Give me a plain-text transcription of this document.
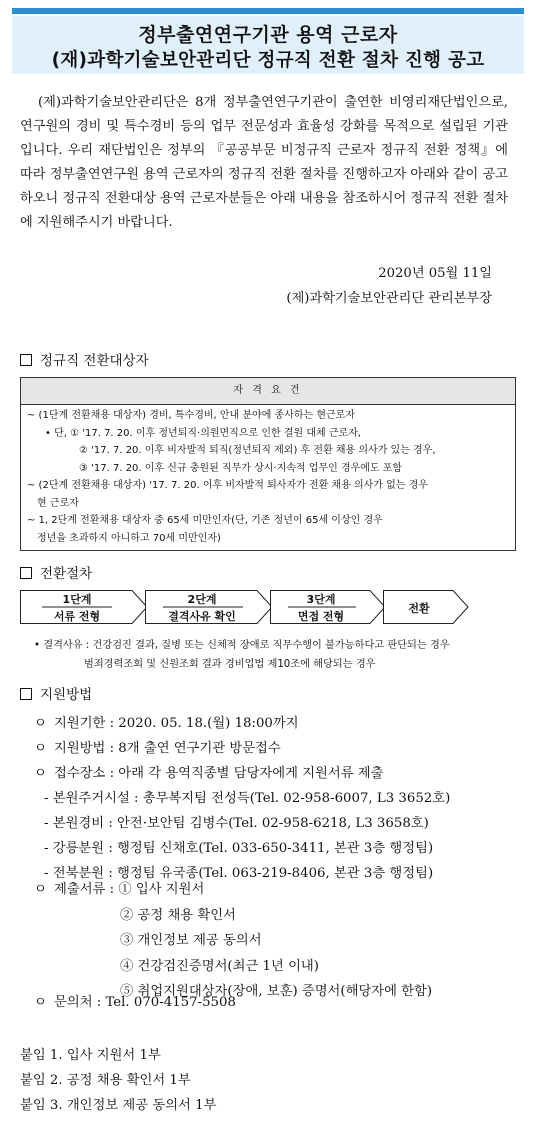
정부출연연구기관 용역 근로자
(재)과학기술보안관리단 정규직 전환 절차 진행 공고
(제)과학기술보안관리단은 8개 정부출연연구기관이 출연한 비영리재단법인으로, 연구원의 경비 및 특수경비 등의 업무 전문성과 효율성 강화를 목적으로 설립된 기관입니다. 우리 재단법인은 정부의 『공공부문 비정규직 근로자 정규직 전환 정책』에 따라 정부출연연구원 용역 근로자의 정규직 전환 절차를 진행하고자 아래와 같이 공고하오니 정규직 전환대상 용역 근로자분들은 아래 내용을 참조하시어 정규직 전환 절차에 지원해주시기 바랍니다.
2020년 05월 11일
(제)과학기술보안관리단 관리본부장
정규직 전환대상자
자 격 요 건
~ (1단계 전환채용 대상자) 경비, 특수경비, 안내 분야에 종사하는 현근로자
• 단, ① '17. 7. 20. 이후 정년퇴직·의원면직으로 인한 결원 대체 근로자,
② '17. 7. 20. 이후 비자발적 퇴직(정년퇴직 제외) 후 전환 채용 의사가 있는 경우,
③ '17. 7. 20. 이후 신규 충원된 직무가 상시·지속적 업무인 경우에도 포함
~ (2단계 전환채용 대상자) '17. 7. 20. 이후 비자발적 퇴사자가 전환 채용 의사가 없는 경우
현 근로자
~ 1, 2단계 전환채용 대상자 중 65세 미만인자(단, 기존 정년이 65세 이상인 경우
정년을 초과하지 아니하고 70세 미만인자)
전환절차
1단계
서류 전형
2단계
결격사유 확인
3단계
면접 전형
전환
• 결격사유 : 건강검진 결과, 질병 또는 신체적 장애로 직무수행이 불가능하다고 판단되는 경우
범죄경력조회 및 신원조회 결과 경비업법 제10조에 해당되는 경우
지원방법
ㅇ 지원기한 : 2020. 05. 18.(월) 18:00까지
ㅇ 지원방법 : 8개 출연 연구기관 방문접수
ㅇ 접수장소 : 아래 각 용역직종별 담당자에게 지원서류 제출
- 본원주거시설 : 총무복지팀 전성득(Tel. 02-958-6007, L3 3652호)
- 본원경비 : 안전·보안팀 김병수(Tel. 02-958-6218, L3 3658호)
- 강릉분원 : 행정팀 신채호(Tel. 033-650-3411, 본관 3층 행정팀)
- 전북분원 : 행정팀 유국종(Tel. 063-219-8406, 본관 3층 행정팀)
ㅇ 제출서류 : ① 입사 지원서
② 공정 채용 확인서
③ 개인정보 제공 동의서
④ 건강검진증명서(최근 1년 이내)
⑤ 취업지원대상자(장애, 보훈) 증명서(해당자에 한함)
ㅇ 문의처 : Tel. 070-4157-5508
붙임 1. 입사 지원서 1부
붙임 2. 공정 채용 확인서 1부
붙임 3. 개인정보 제공 동의서 1부
